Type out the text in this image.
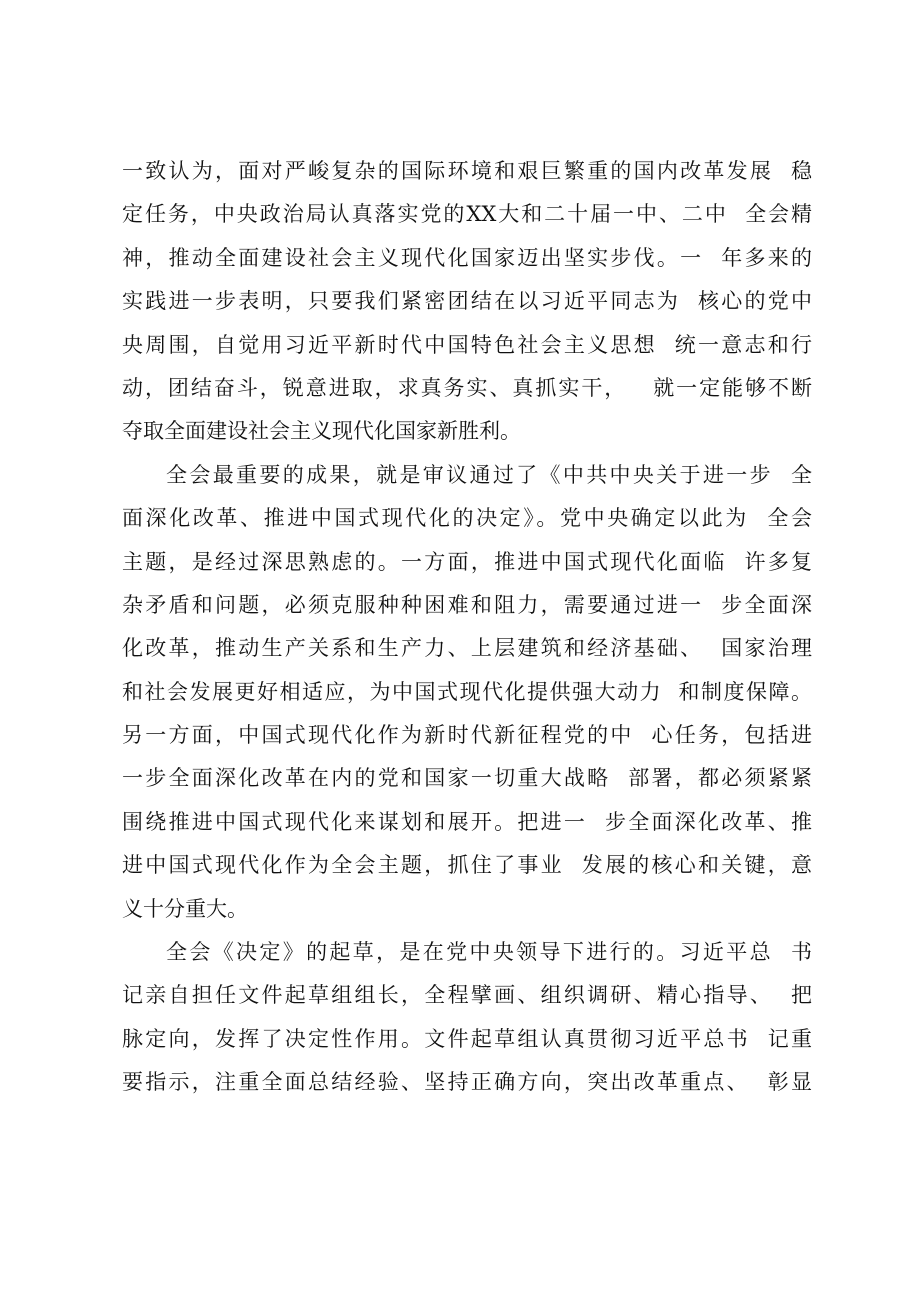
一致认为，面对严峻复杂的国际环境和艰巨繁重的国内改革发展  稳
定任务，中央政治局认真落实党的XX大和二十届一中、二中  全会精
神，推动全面建设社会主义现代化国家迈出坚实步伐。一  年多来的
实践进一步表明，只要我们紧密团结在以习近平同志为  核心的党中
央周围，自觉用习近平新时代中国特色社会主义思想  统一意志和行
动，团结奋斗，锐意进取，求真务实、真抓实干，   就一定能够不断
夺取全面建设社会主义现代化国家新胜利。
全会最重要的成果，就是审议通过了《中共中央关于进一步  全
面深化改革、推进中国式现代化的决定》。党中央确定以此为  全会
主题，是经过深思熟虑的。一方面，推进中国式现代化面临  许多复
杂矛盾和问题，必须克服种种困难和阻力，需要通过进一  步全面深
化改革，推动生产关系和生产力、上层建筑和经济基础、  国家治理
和社会发展更好相适应，为中国式现代化提供强大动力  和制度保障。
另一方面，中国式现代化作为新时代新征程党的中  心任务，包括进
一步全面深化改革在内的党和国家一切重大战略  部署，都必须紧紧
围绕推进中国式现代化来谋划和展开。把进一  步全面深化改革、推
进中国式现代化作为全会主题，抓住了事业  发展的核心和关键，意
义十分重大。
全会《决定》的起草，是在党中央领导下进行的。习近平总  书
记亲自担任文件起草组组长，全程擘画、组织调研、精心指导、  把
脉定向，发挥了决定性作用。文件起草组认真贯彻习近平总书  记重
要指示，注重全面总结经验、坚持正确方向，突出改革重点、  彰显
